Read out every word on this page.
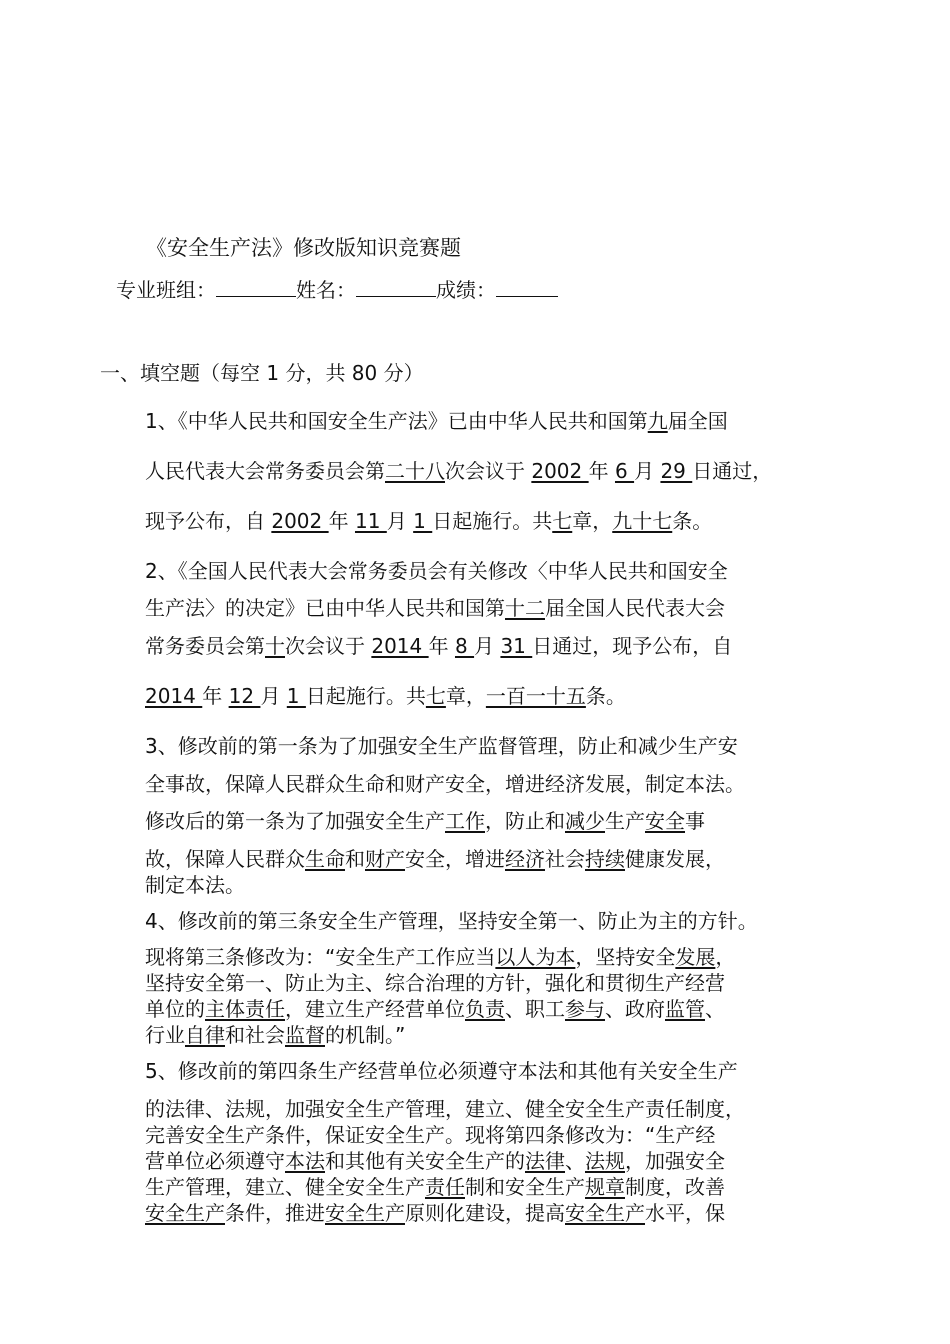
《安全生产法》修改版知识竞赛题
专业班组：	姓名：	成绩：
一、填空题（每空 1 分，共 80 分）
1、《中华人民共和国安全生产法》已由中华人民共和国第九届全国
人民代表大会常务委员会第二十八次会议于 2002 年 6 月 29 日通过，
现予公布，自 2002 年 11 月 1 日起施行。共七章，九十七条。
2、《全国人民代表大会常务委员会有关修改〈中华人民共和国安全
生产法〉的决定》已由中华人民共和国第十二届全国人民代表大会
常务委员会第十次会议于 2014 年 8 月 31 日通过，现予公布，自
2014 年 12 月 1 日起施行。共七章，一百一十五条。
3、修改前的第一条为了加强安全生产监督管理，防止和减少生产安
全事故，保障人民群众生命和财产安全，增进经济发展，制定本法。
修改后的第一条为了加强安全生产工作，防止和减少生产安全事
故，保障人民群众生命和财产安全，增进经济社会持续健康发展，
制定本法。
4、修改前的第三条安全生产管理，坚持安全第一、防止为主的方针。
现将第三条修改为：“安全生产工作应当以人为本，坚持安全发展，
坚持安全第一、防止为主、综合治理的方针，强化和贯彻生产经营
单位的主体责任，建立生产经营单位负责、职工参与、政府监管、
行业自律和社会监督的机制。”
5、修改前的第四条生产经营单位必须遵守本法和其他有关安全生产
的法律、法规，加强安全生产管理，建立、健全安全生产责任制度，
完善安全生产条件，保证安全生产。现将第四条修改为：“生产经
营单位必须遵守本法和其他有关安全生产的法律、法规，加强安全
生产管理，建立、健全安全生产责任制和安全生产规章制度，改善
安全生产条件，推进安全生产原则化建设，提高安全生产水平，保
